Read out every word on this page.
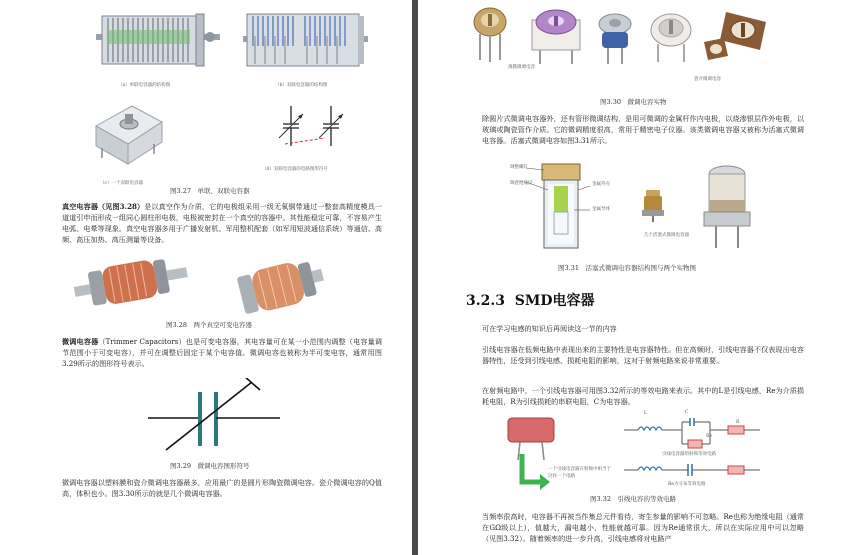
（a）单联电容器的结构图	（b）双联电容器的结构图
（c）一个双联电容器
（d）双联电容器的电路图形符号
图3.27　单联、双联电容器
真空电容器（见图3.28）是以真空作为介质，它的电极组采用一级无氧铜带通过一整套高精度模具一道道引申而形成一组同心圆柱形电极，电极被密封在一个真空的容器中。其性能稳定可靠，不容易产生电弧、电晕等现象。真空电容器多用于广播发射机、军用整机配套（如军用短波通信系统）等通信、高频、高压加热、高压测量等设备。
图3.28　两个真空可变电容器
微调电容器（Trimmer Capacitors）也是可变电容器，其电容量可在某一小范围内调整（电容量调节范围小于可变电容），并可在调整后固定于某个电容值。微调电容也被称为半可变电容，通常用图3.29所示的图形符号表示。
图3.29　微调电容图形符号
微调电容器以塑料膜和瓷介微调电容器最多，应用最广的是圆片形陶瓷微调电容。瓷介微调电容的Q值高，体积也小。图3.30所示的就是几个微调电容器。
薄膜微调电容
瓷介微调电容
图3.30　微调电容实物
除圆片式微调电容器外，还有管形微调结构，是用可微调的金属杆作内电极，以烧渗银层作外电极，以玻璃或陶瓷管作介质。它的微调精度很高，常用于精密电子仪器。该类微调电容器又被称为活塞式微调电容器。活塞式微调电容如图3.31所示。
调整螺钉
陶瓷绝缘层	金属外壳
金属导体
几个活塞式微调电容器
图3.31　活塞式微调电容器结构图与两个实物图
3.2.3 SMD电容器
可在学习电感的知识后再阅读这一节的内容
引线电容器在低频电路中表现出来的主要特性是电容器特性。但在高频时，引线电容器不仅表现出电容器特性，还受到引线电感、损耗电阻的影响，这对于射频电路来说非常重要。
在射频电路中，一个引线电容器可用图3.32所示的等效电路来表示。其中的L是引线电感，Re为介质损耗电阻，R为引线损耗的串联电阻，C为电容器。
一个引线电容器在射频中相当于这样一个电路
L	C
Re
R
引线电容器的射频等效电路
Re为分布等效电路
图3.32　引线电容的等效电路
当频率很高时，电容器不再被当作集总元件看待，寄生参量的影响不可忽略。Re也称为绝缘电阻（通常在GΩ级以上），值越大，漏电越小，性能就越可靠。因为Re通常很大，所以在实际应用中可以忽略（见图3.32）。随着频率的进一步升高，引线电感将对电路产
